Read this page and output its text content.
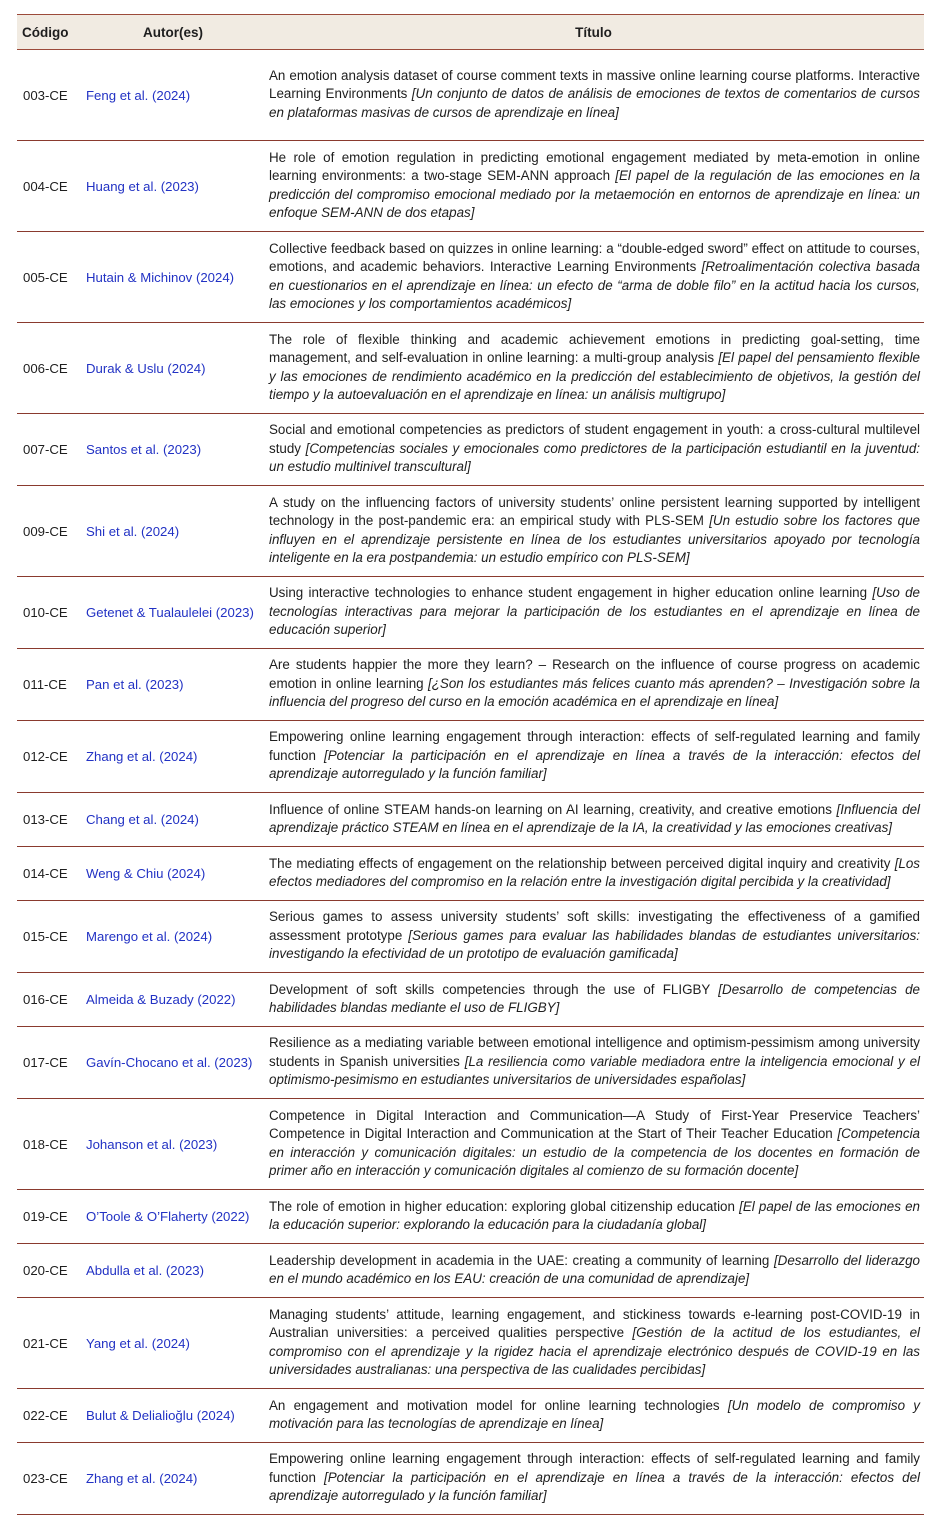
Código	Autor(es)	Título
003-CE	Feng et al. (2024)	An emotion analysis dataset of course comment texts in massive online learning course platforms. Interactive Learning Environments [Un conjunto de datos de análisis de emociones de textos de comentarios de cursos en plataformas masivas de cursos de aprendizaje en línea]
004-CE	Huang et al. (2023)	He role of emotion regulation in predicting emotional engagement mediated by meta-emotion in online learning environments: a two-stage SEM-ANN approach [El papel de la regulación de las emociones en la predicción del compromiso emocional mediado por la metaemoción en entornos de aprendizaje en línea: un enfoque SEM-ANN de dos etapas]
005-CE	Hutain & Michinov (2024)	Collective feedback based on quizzes in online learning: a “double-edged sword” effect on attitude to courses, emotions, and academic behaviors. Interactive Learning Environments [Retroalimentación colectiva basada en cuestionarios en el aprendizaje en línea: un efecto de “arma de doble filo” en la actitud hacia los cursos, las emociones y los comportamientos académicos]
006-CE	Durak & Uslu (2024)	The role of flexible thinking and academic achievement emotions in predicting goal-setting, time management, and self-evaluation in online learning: a multi-group analysis [El papel del pensamiento flexible y las emociones de rendimiento académico en la predicción del establecimiento de objetivos, la gestión del tiempo y la autoevaluación en el aprendizaje en línea: un análisis multigrupo]
007-CE	Santos et al. (2023)	Social and emotional competencies as predictors of student engagement in youth: a cross-cultural multilevel study [Competencias sociales y emocionales como predictores de la participación estudiantil en la juventud: un estudio multinivel transcultural]
009-CE	Shi et al. (2024)	A study on the influencing factors of university students’ online persistent learning supported by intelligent technology in the post-pandemic era: an empirical study with PLS-SEM [Un estudio sobre los factores que influyen en el aprendizaje persistente en línea de los estudiantes universitarios apoyado por tecnología inteligente en la era postpandemia: un estudio empírico con PLS-SEM]
010-CE	Getenet & Tualaulelei (2023)	Using interactive technologies to enhance student engagement in higher education online learning [Uso de tecnologías interactivas para mejorar la participación de los estudiantes en el aprendizaje en línea de educación superior]
011-CE	Pan et al. (2023)	Are students happier the more they learn? – Research on the influence of course progress on academic emotion in online learning [¿Son los estudiantes más felices cuanto más aprenden? – Investigación sobre la influencia del progreso del curso en la emoción académica en el aprendizaje en línea]
012-CE	Zhang et al. (2024)	Empowering online learning engagement through interaction: effects of self-regulated learning and family function [Potenciar la participación en el aprendizaje en línea a través de la interacción: efectos del aprendizaje autorregulado y la función familiar]
013-CE	Chang et al. (2024)	Influence of online STEAM hands-on learning on AI learning, creativity, and creative emotions [Influencia del aprendizaje práctico STEAM en línea en el aprendizaje de la IA, la creatividad y las emociones creativas]
014-CE	Weng & Chiu (2024)	The mediating effects of engagement on the relationship between perceived digital inquiry and creativity [Los efectos mediadores del compromiso en la relación entre la investigación digital percibida y la creatividad]
015-CE	Marengo et al. (2024)	Serious games to assess university students’ soft skills: investigating the effectiveness of a gamified assessment prototype [Serious games para evaluar las habilidades blandas de estudiantes universitarios: investigando la efectividad de un prototipo de evaluación gamificada]
016-CE	Almeida & Buzady (2022)	Development of soft skills competencies through the use of FLIGBY [Desarrollo de competencias de habilidades blandas mediante el uso de FLIGBY]
017-CE	Gavín-Chocano et al. (2023)	Resilience as a mediating variable between emotional intelligence and optimism-pessimism among university students in Spanish universities [La resiliencia como variable mediadora entre la inteligencia emocional y el optimismo-pesimismo en estudiantes universitarios de universidades españolas]
018-CE	Johanson et al. (2023)	Competence in Digital Interaction and Communication—A Study of First-Year Preservice Teachers’ Competence in Digital Interaction and Communication at the Start of Their Teacher Education [Competencia en interacción y comunicación digitales: un estudio de la competencia de los docentes en formación de primer año en interacción y comunicación digitales al comienzo de su formación docente]
019-CE	O’Toole & O’Flaherty (2022)	The role of emotion in higher education: exploring global citizenship education [El papel de las emociones en la educación superior: explorando la educación para la ciudadanía global]
020-CE	Abdulla et al. (2023)	Leadership development in academia in the UAE: creating a community of learning [Desarrollo del liderazgo en el mundo académico en los EAU: creación de una comunidad de aprendizaje]
021-CE	Yang et al. (2024)	Managing students’ attitude, learning engagement, and stickiness towards e-learning post-COVID-19 in Australian universities: a perceived qualities perspective [Gestión de la actitud de los estudiantes, el compromiso con el aprendizaje y la rigidez hacia el aprendizaje electrónico después de COVID-19 en las universidades australianas: una perspectiva de las cualidades percibidas]
022-CE	Bulut & Delialioğlu (2024)	An engagement and motivation model for online learning technologies [Un modelo de compromiso y motivación para las tecnologías de aprendizaje en línea]
023-CE	Zhang et al. (2024)	Empowering online learning engagement through interaction: effects of self-regulated learning and family function [Potenciar la participación en el aprendizaje en línea a través de la interacción: efectos del aprendizaje autorregulado y la función familiar]
